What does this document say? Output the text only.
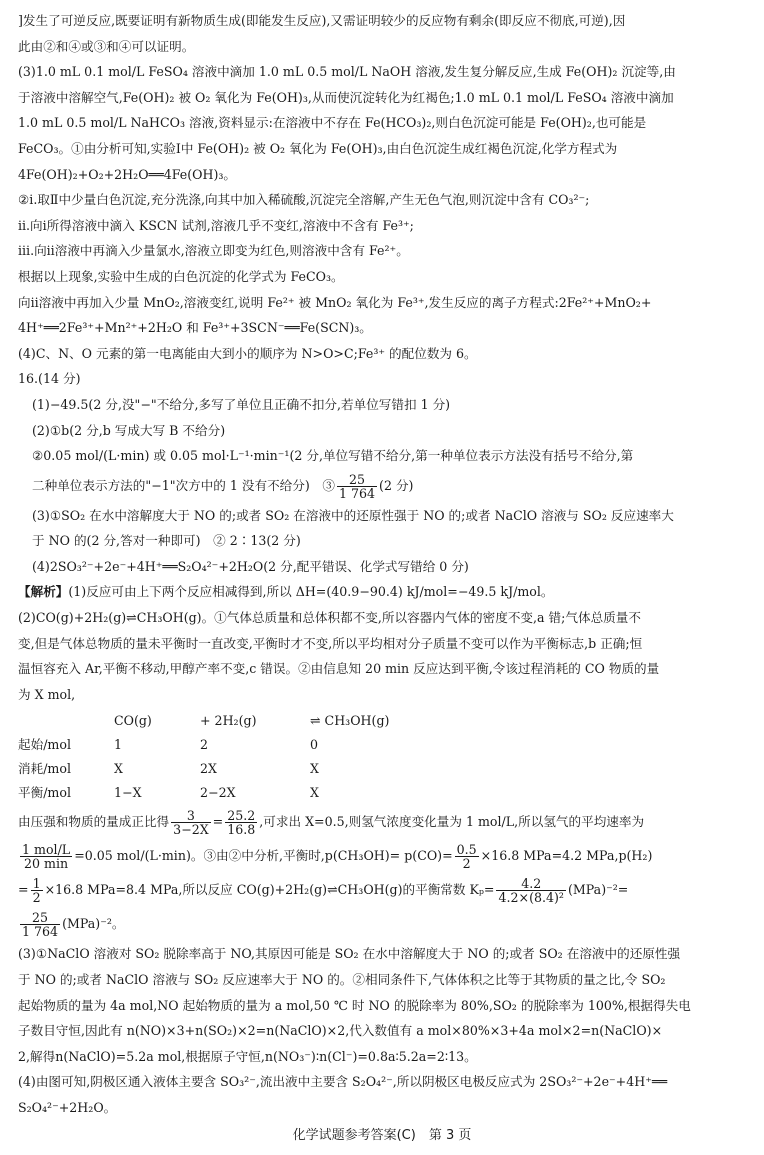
]发生了可逆反应,既要证明有新物质生成(即能发生反应),又需证明较少的反应物有剩余(即反应不彻底,可逆),因

此由②和④或③和④可以证明。

(3)1.0 mL 0.1 mol/L FeSO₄ 溶液中滴加 1.0 mL 0.5 mol/L NaOH 溶液,发生复分解反应,生成 Fe(OH)₂ 沉淀等,由

于溶液中溶解空气,Fe(OH)₂ 被 O₂ 氧化为 Fe(OH)₃,从而使沉淀转化为红褐色;1.0 mL 0.1 mol/L FeSO₄ 溶液中滴加

1.0 mL 0.5 mol/L NaHCO₃ 溶液,资料显示:在溶液中不存在 Fe(HCO₃)₂,则白色沉淀可能是 Fe(OH)₂,也可能是

FeCO₃。①由分析可知,实验Ⅰ中 Fe(OH)₂ 被 O₂ 氧化为 Fe(OH)₃,由白色沉淀生成红褐色沉淀,化学方程式为

4Fe(OH)₂+O₂+2H₂O══4Fe(OH)₃。

②ⅰ.取Ⅱ中少量白色沉淀,充分洗涤,向其中加入稀硫酸,沉淀完全溶解,产生无色气泡,则沉淀中含有 CO₃²⁻;

ⅱ.向ⅰ所得溶液中滴入 KSCN 试剂,溶液几乎不变红,溶液中不含有 Fe³⁺;

ⅲ.向ⅱ溶液中再滴入少量氯水,溶液立即变为红色,则溶液中含有 Fe²⁺。

根据以上现象,实验中生成的白色沉淀的化学式为 FeCO₃。

向ⅱ溶液中再加入少量 MnO₂,溶液变红,说明 Fe²⁺ 被 MnO₂ 氧化为 Fe³⁺,发生反应的离子方程式:2Fe²⁺+MnO₂+

4H⁺══2Fe³⁺+Mn²⁺+2H₂O 和 Fe³⁺+3SCN⁻══Fe(SCN)₃。

(4)C、N、O 元素的第一电离能由大到小的顺序为 N>O>C;Fe³⁺ 的配位数为 6。

16.(14 分)

(1)−49.5(2 分,没"−"不给分,多写了单位且正确不扣分,若单位写错扣 1 分)

(2)①b(2 分,b 写成大写 B 不给分)

②0.05 mol/(L·min) 或 0.05 mol·L⁻¹·min⁻¹(2 分,单位写错不给分,第一种单位表示方法没有括号不给分,第

二种单位表示方法的"−1"次方中的 1 没有不给分)　③ $\frac{25}{1 764} (2$ 分)

(3)①SO₂ 在水中溶解度大于 NO 的;或者 SO₂ 在溶液中的还原性强于 NO 的;或者 NaClO 溶液与 SO₂ 反应速率大

于 NO 的(2 分,答对一种即可)　② 2∶13(2 分)

(4)2SO₃²⁻+2e⁻+4H⁺══S₂O₄²⁻+2H₂O(2 分,配平错误、化学式写错给 0 分)

【解析】(1)反应可由上下两个反应相减得到,所以 ΔH=(40.9−90.4) kJ/mol=−49.5 kJ/mol。

(2)CO(g)+2H₂(g)⇌CH₃OH(g)。①气体总质量和总体积都不变,所以容器内气体的密度不变,a 错;气体总质量不

变,但是气体总物质的量未平衡时一直改变,平衡时才不变,所以平均相对分子质量不变可以作为平衡标志,b 正确;恒

温恒容充入 Ar,平衡不移动,甲醇产率不变,c 错误。②由信息知 20 min 反应达到平衡,令该过程消耗的 CO 物质的量

为 X mol,

CO(g)	+ 2H₂(g)	⇌ CH₃OH(g)
起始/mol	1	2	0
消耗/mol	X	2X	X
平衡/mol	1−X	2−2X	X

由压强和物质的量成正比得 $\frac{3}{3-2X} = \frac{25.2}{16.8}$ ,可求出 X=0.5,则氢气浓度变化量为 1 mol/L,所以氢气的平均速率为

$\frac{\text{1 mol/L}}{20 \min} =0.05$ mol/(L·min)。③由②中分析,平衡时$,p(CH_3OH)= p(CO)= \frac{0.5}{2} \times 16.8$ MPa=4.2 MPa,p(H₂)

= $\frac{1}{2} \times 16.8$ MPa=8.4 MPa,所以反应 CO(g)+2H₂(g)⇌CH₃OH(g)的平衡常数 $K_p= \frac{4.2}{\text{4.2×(8.4)²}} (MPa)^{-2}=$

$\frac{25}{1 764} (MPa)^{-2}$。

(3)①NaClO 溶液对 SO₂ 脱除率高于 NO,其原因可能是 SO₂ 在水中溶解度大于 NO 的;或者 SO₂ 在溶液中的还原性强

于 NO 的;或者 NaClO 溶液与 SO₂ 反应速率大于 NO 的。②相同条件下,气体体积之比等于其物质的量之比,令 SO₂

起始物质的量为 4a mol,NO 起始物质的量为 a mol,50 ℃ 时 NO 的脱除率为 80%,SO₂ 的脱除率为 100%,根据得失电

子数目守恒,因此有 n(NO)×3+n(SO₂)×2=n(NaClO)×2,代入数值有 a mol×80%×3+4a mol×2=n(NaClO)×

2,解得n(NaClO)=5.2a mol,根据原子守恒,n(NO₃⁻)∶n(Cl⁻)=0.8a∶5.2a=2∶13。

(4)由图可知,阴极区通入液体主要含 SO₃²⁻,流出液中主要含 S₂O₄²⁻,所以阴极区电极反应式为 2SO₃²⁻+2e⁻+4H⁺══

S₂O₄²⁻+2H₂O。

化学试题参考答案(C)　第 3 页
